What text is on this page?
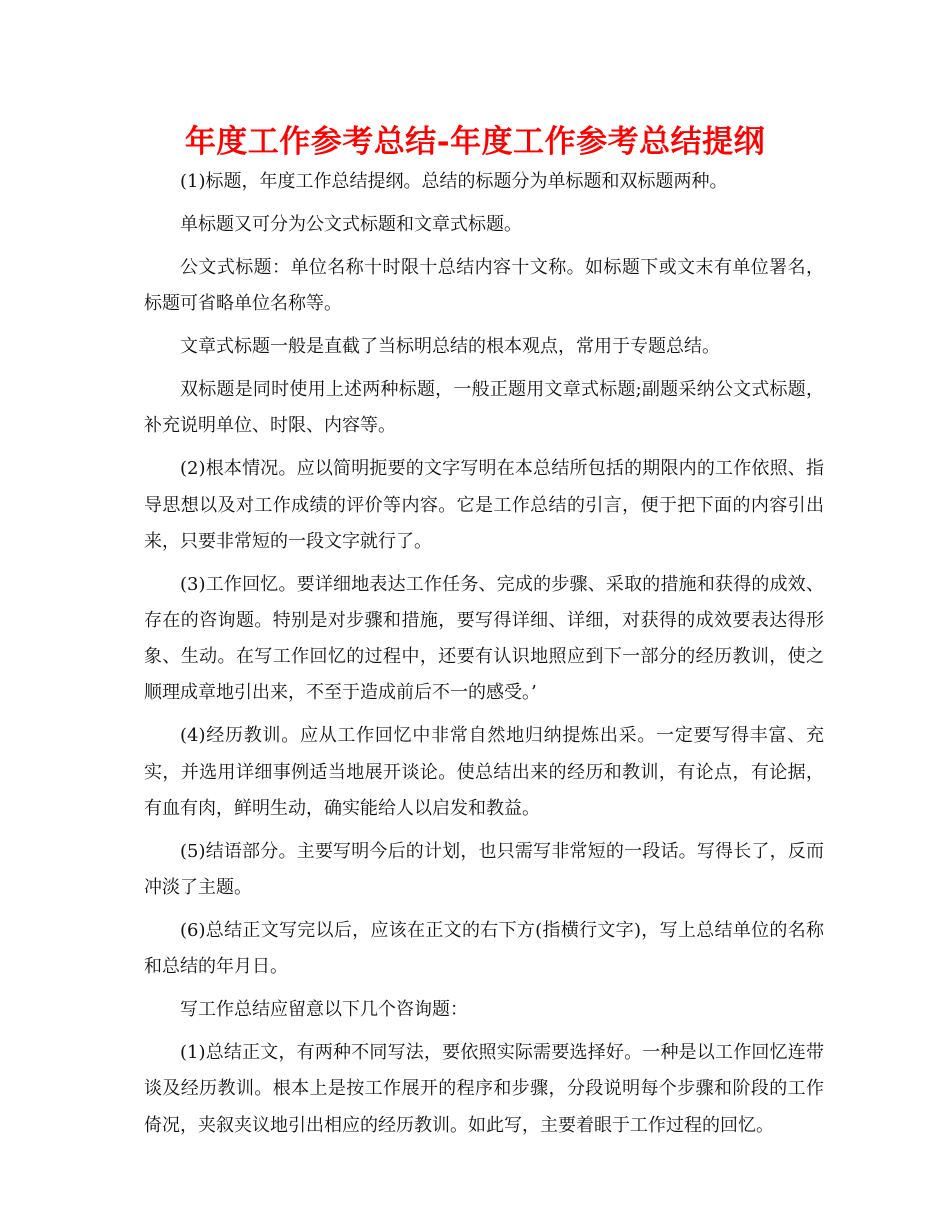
年度工作参考总结-年度工作参考总结提纲

(1)标题，年度工作总结提纲。总结的标题分为单标题和双标题两种。

单标题又可分为公文式标题和文章式标题。

公文式标题：单位名称十时限十总结内容十文称。如标题下或文末有单位署名，标题可省略单位名称等。

文章式标题一般是直截了当标明总结的根本观点，常用于专题总结。

双标题是同时使用上述两种标题，一般正题用文章式标题;副题采纳公文式标题，补充说明单位、时限、内容等。

(2)根本情况。应以简明扼要的文字写明在本总结所包括的期限内的工作依照、指导思想以及对工作成绩的评价等内容。它是工作总结的引言，便于把下面的内容引出来，只要非常短的一段文字就行了。

(3)工作回忆。要详细地表达工作任务、完成的步骤、采取的措施和获得的成效、存在的咨询题。特别是对步骤和措施，要写得详细、详细，对获得的成效要表达得形象、生动。在写工作回忆的过程中，还要有认识地照应到下一部分的经历教训，使之顺理成章地引出来，不至于造成前后不一的感受。’

(4)经历教训。应从工作回忆中非常自然地归纳提炼出采。一定要写得丰富、充实，并选用详细事例适当地展开谈论。使总结出来的经历和教训，有论点，有论据，有血有肉，鲜明生动，确实能给人以启发和教益。

(5)结语部分。主要写明今后的计划，也只需写非常短的一段话。写得长了，反而冲淡了主题。

(6)总结正文写完以后，应该在正文的右下方(指横行文字)，写上总结单位的名称和总结的年月日。

写工作总结应留意以下几个咨询题：

(1)总结正文，有两种不同写法，要依照实际需要选择好。一种是以工作回忆连带谈及经历教训。根本上是按工作展开的程序和步骤，分段说明每个步骤和阶段的工作倚况，夹叙夹议地引出相应的经历教训。如此写，主要着眼于工作过程的回忆。
